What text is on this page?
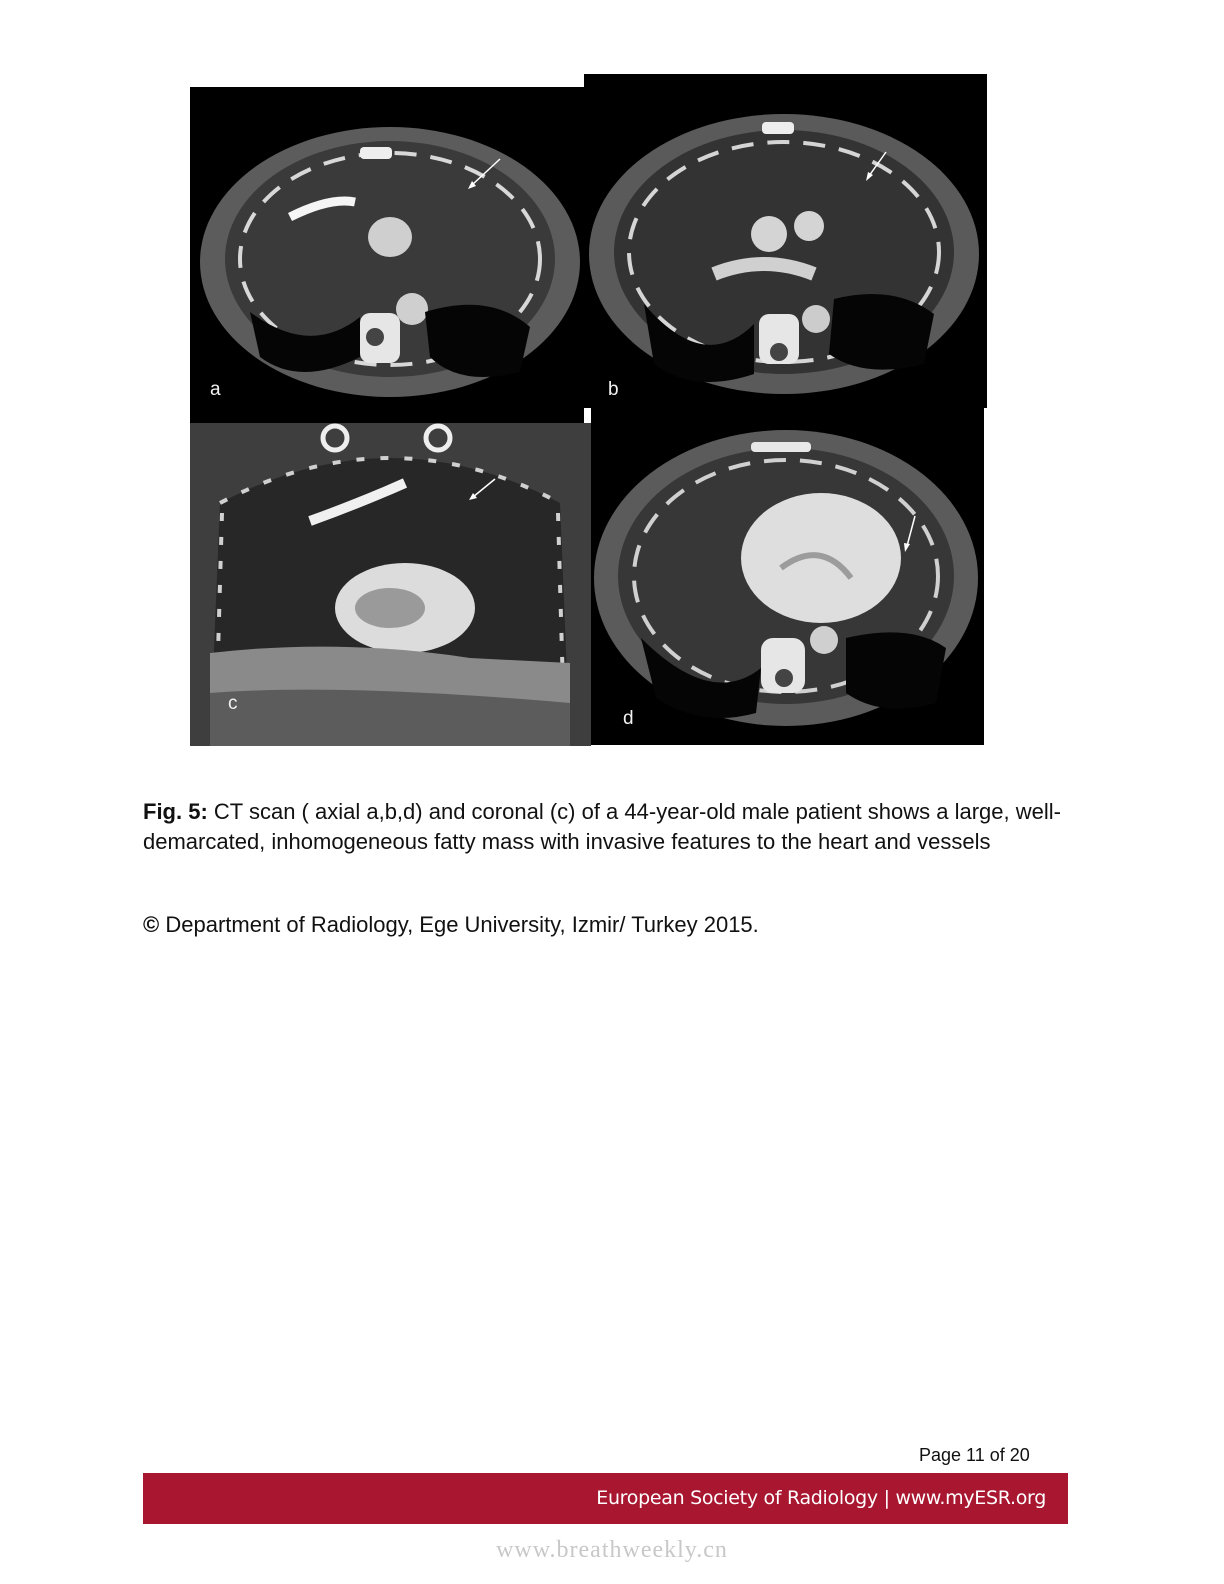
a	b
c
d

Fig. 5: CT scan ( axial a,b,d) and coronal (c) of a 44-year-old male patient shows a large, well-demarcated, inhomogeneous fatty mass with invasive features to the heart and vessels

© Department of Radiology, Ege University, Izmir/ Turkey 2015.

Page 11 of 20
European Society of Radiology | www.myESR.org
www.breathweekly.cn
